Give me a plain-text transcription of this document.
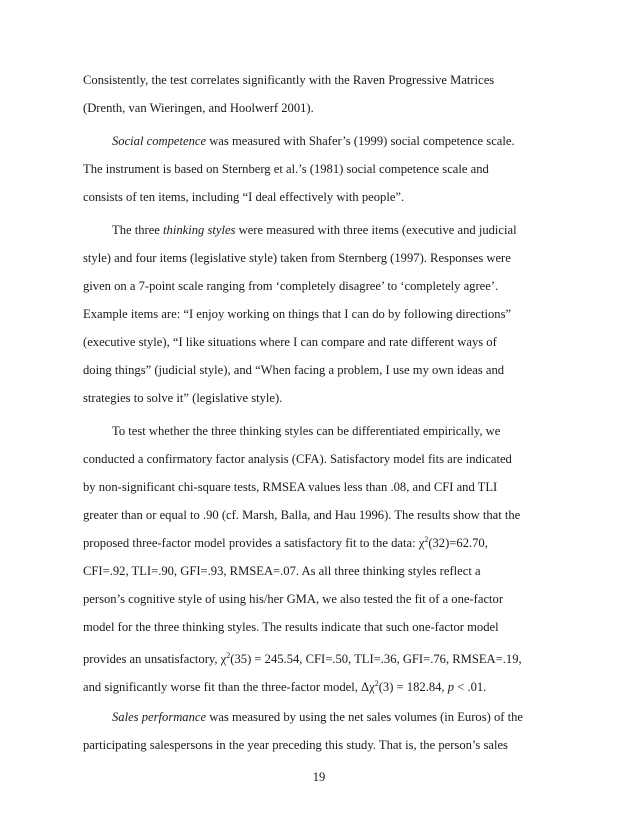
Consistently, the test correlates significantly with the Raven Progressive Matrices
(Drenth, van Wieringen, and Hoolwerf 2001).
Social competence was measured with Shafer’s (1999) social competence scale.
The instrument is based on Sternberg et al.’s (1981) social competence scale and
consists of ten items, including “I deal effectively with people”.
The three thinking styles were measured with three items (executive and judicial
style) and four items (legislative style) taken from Sternberg (1997). Responses were
given on a 7-point scale ranging from ‘completely disagree’ to ‘completely agree’.
Example items are: “I enjoy working on things that I can do by following directions”
(executive style), “I like situations where I can compare and rate different ways of
doing things” (judicial style), and “When facing a problem, I use my own ideas and
strategies to solve it” (legislative style).
To test whether the three thinking styles can be differentiated empirically, we
conducted a confirmatory factor analysis (CFA). Satisfactory model fits are indicated
by non-significant chi-square tests, RMSEA values less than .08, and CFI and TLI
greater than or equal to .90 (cf. Marsh, Balla, and Hau 1996). The results show that the
proposed three-factor model provides a satisfactory fit to the data: $\chi^2(32)=62.70$,
CFI=.92, TLI=.90, GFI=.93, RMSEA=.07. As all three thinking styles reflect a
person’s cognitive style of using his/her GMA, we also tested the fit of a one-factor
model for the three thinking styles. The results indicate that such one-factor model
provides an unsatisfactory, $\chi^2(35) = 245.54$, CFI=.50, TLI=.36, GFI=.76, RMSEA=.19,
and significantly worse fit than the three-factor model, $\Delta\chi^2(3) = 182.84$, p < .01.
Sales performance was measured by using the net sales volumes (in Euros) of the
participating salespersons in the year preceding this study. That is, the person’s sales
19
